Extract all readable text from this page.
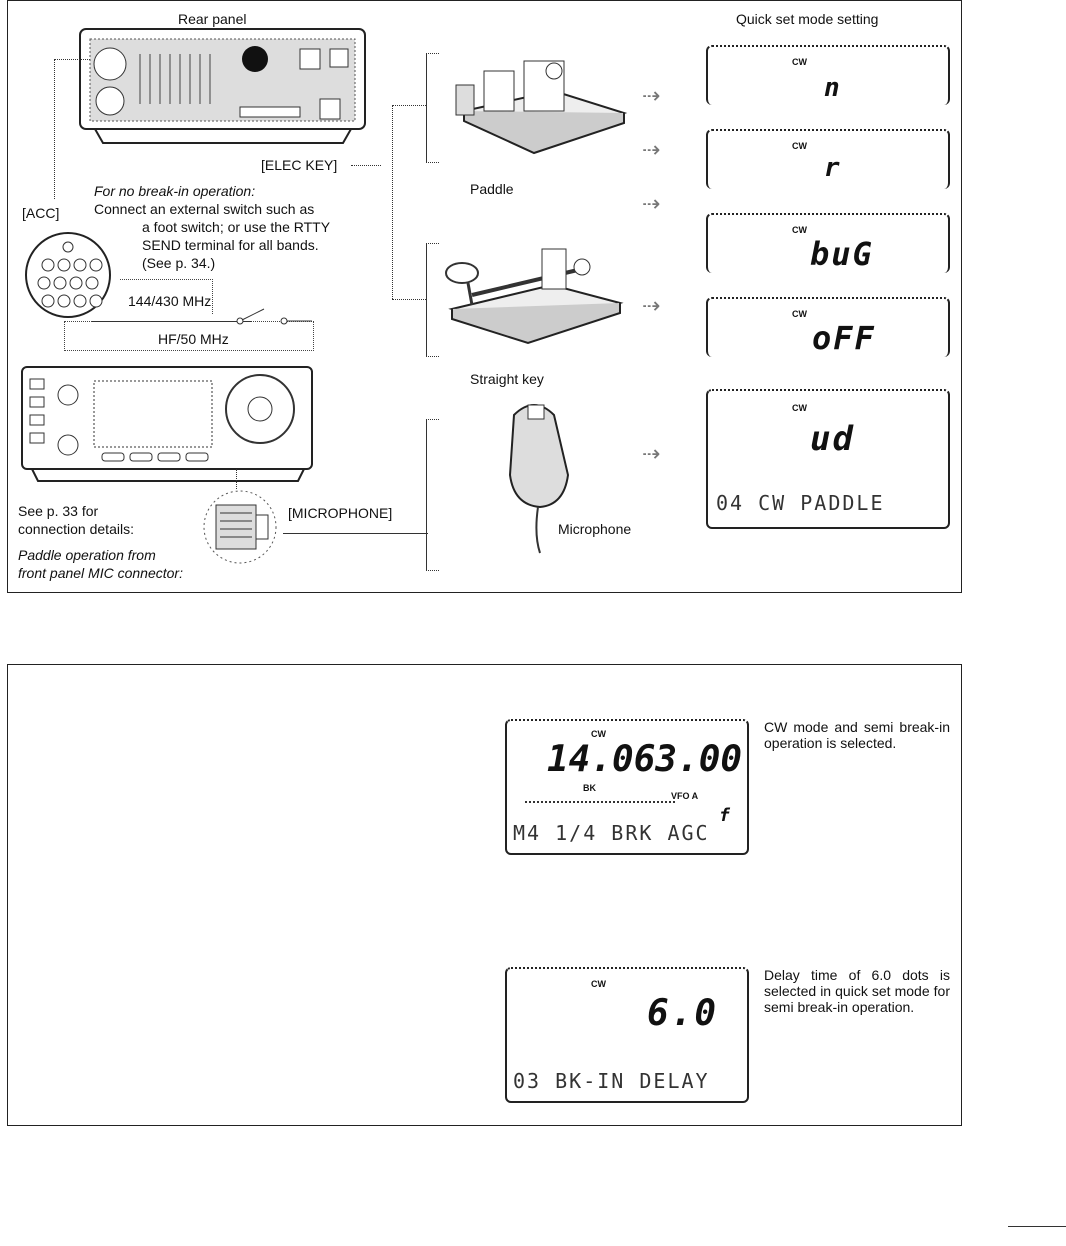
Rear panel	Quick set mode setting
[ELEC KEY]
[ACC]
For no break-in operation:
Connect an external switch such as
a foot switch; or use the RTTY
SEND terminal for all bands.
(See p. 34.)
144/430 MHz
HF/50 MHz
[MICROPHONE]
See p. 33 for
connection details:
Paddle operation from
front panel MIC connector:
Paddle
Straight key
Microphone
⇢
⇢
⇢
⇢
⇢
CW
n
CW
r
CW
buG
CW
oFF
CW
ud
04 CW PADDLE
CW
14.063.00
BK
VFO A
f
M4 1/4 BRK AGC
CW mode and semi break-in operation is selected.
CW
6.0
03 BK-IN DELAY
Delay time of 6.0 dots is selected in quick set mode for semi break-in operation.
